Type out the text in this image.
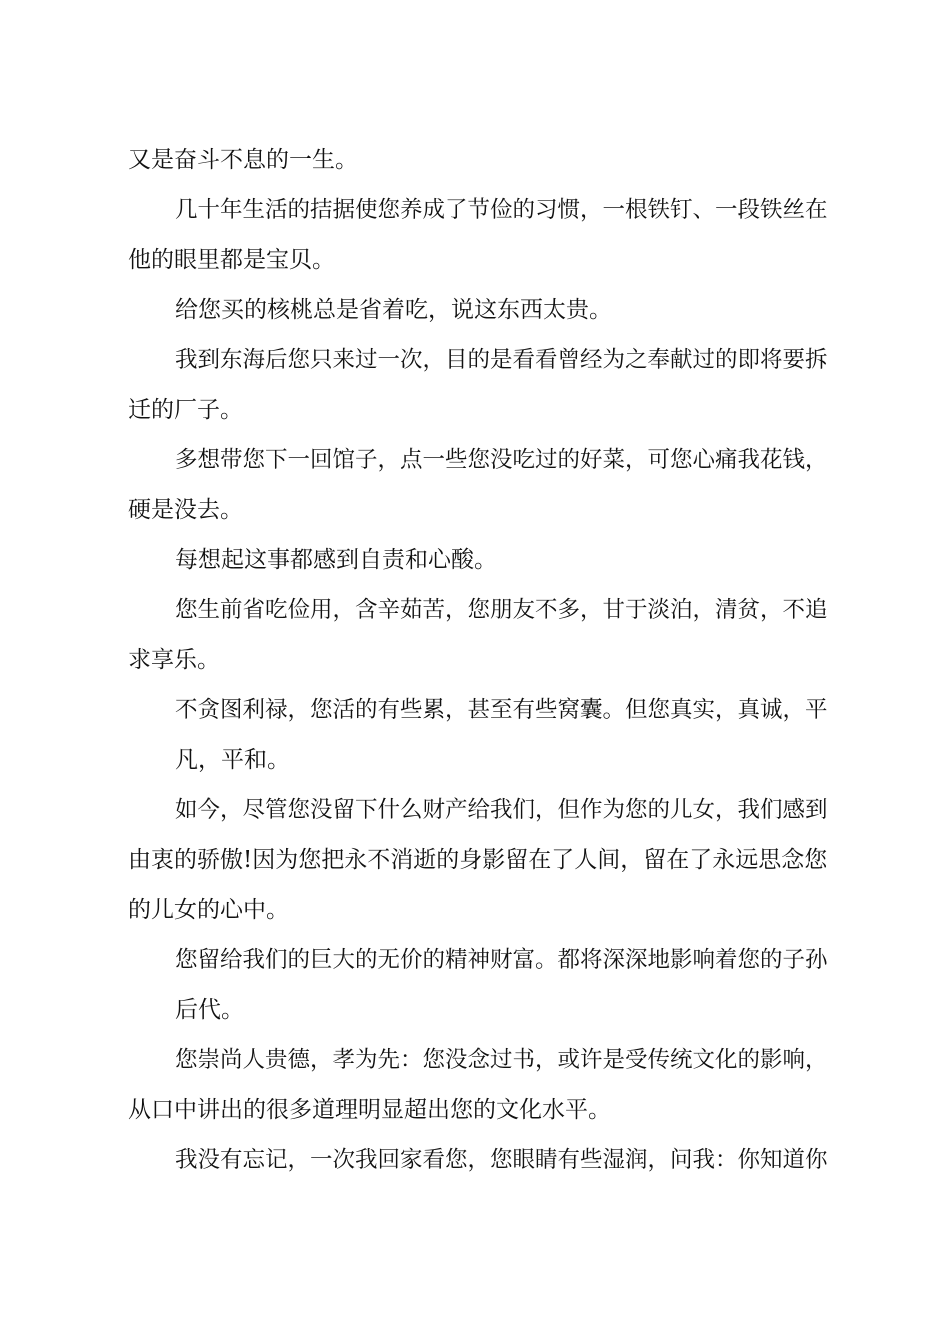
又是奋斗不息的一生。
几十年生活的拮据使您养成了节俭的习惯，一根铁钉、一段铁丝在
他的眼里都是宝贝。
给您买的核桃总是省着吃，说这东西太贵。
我到东海后您只来过一次，目的是看看曾经为之奉献过的即将要拆
迁的厂子。
多想带您下一回馆子，点一些您没吃过的好菜，可您心痛我花钱，
硬是没去。
每想起这事都感到自责和心酸。
您生前省吃俭用，含辛茹苦，您朋友不多，甘于淡泊，清贫，不追
求享乐。
不贪图利禄，您活的有些累，甚至有些窝囊。但您真实，真诚，平
凡，平和。
如今，尽管您没留下什么财产给我们，但作为您的儿女，我们感到
由衷的骄傲!因为您把永不消逝的身影留在了人间，留在了永远思念您
的儿女的心中。
您留给我们的巨大的无价的精神财富。都将深深地影响着您的子孙
后代。
您崇尚人贵德，孝为先：您没念过书，或许是受传统文化的影响，
从口中讲出的很多道理明显超出您的文化水平。
我没有忘记，一次我回家看您，您眼睛有些湿润，问我：你知道你
